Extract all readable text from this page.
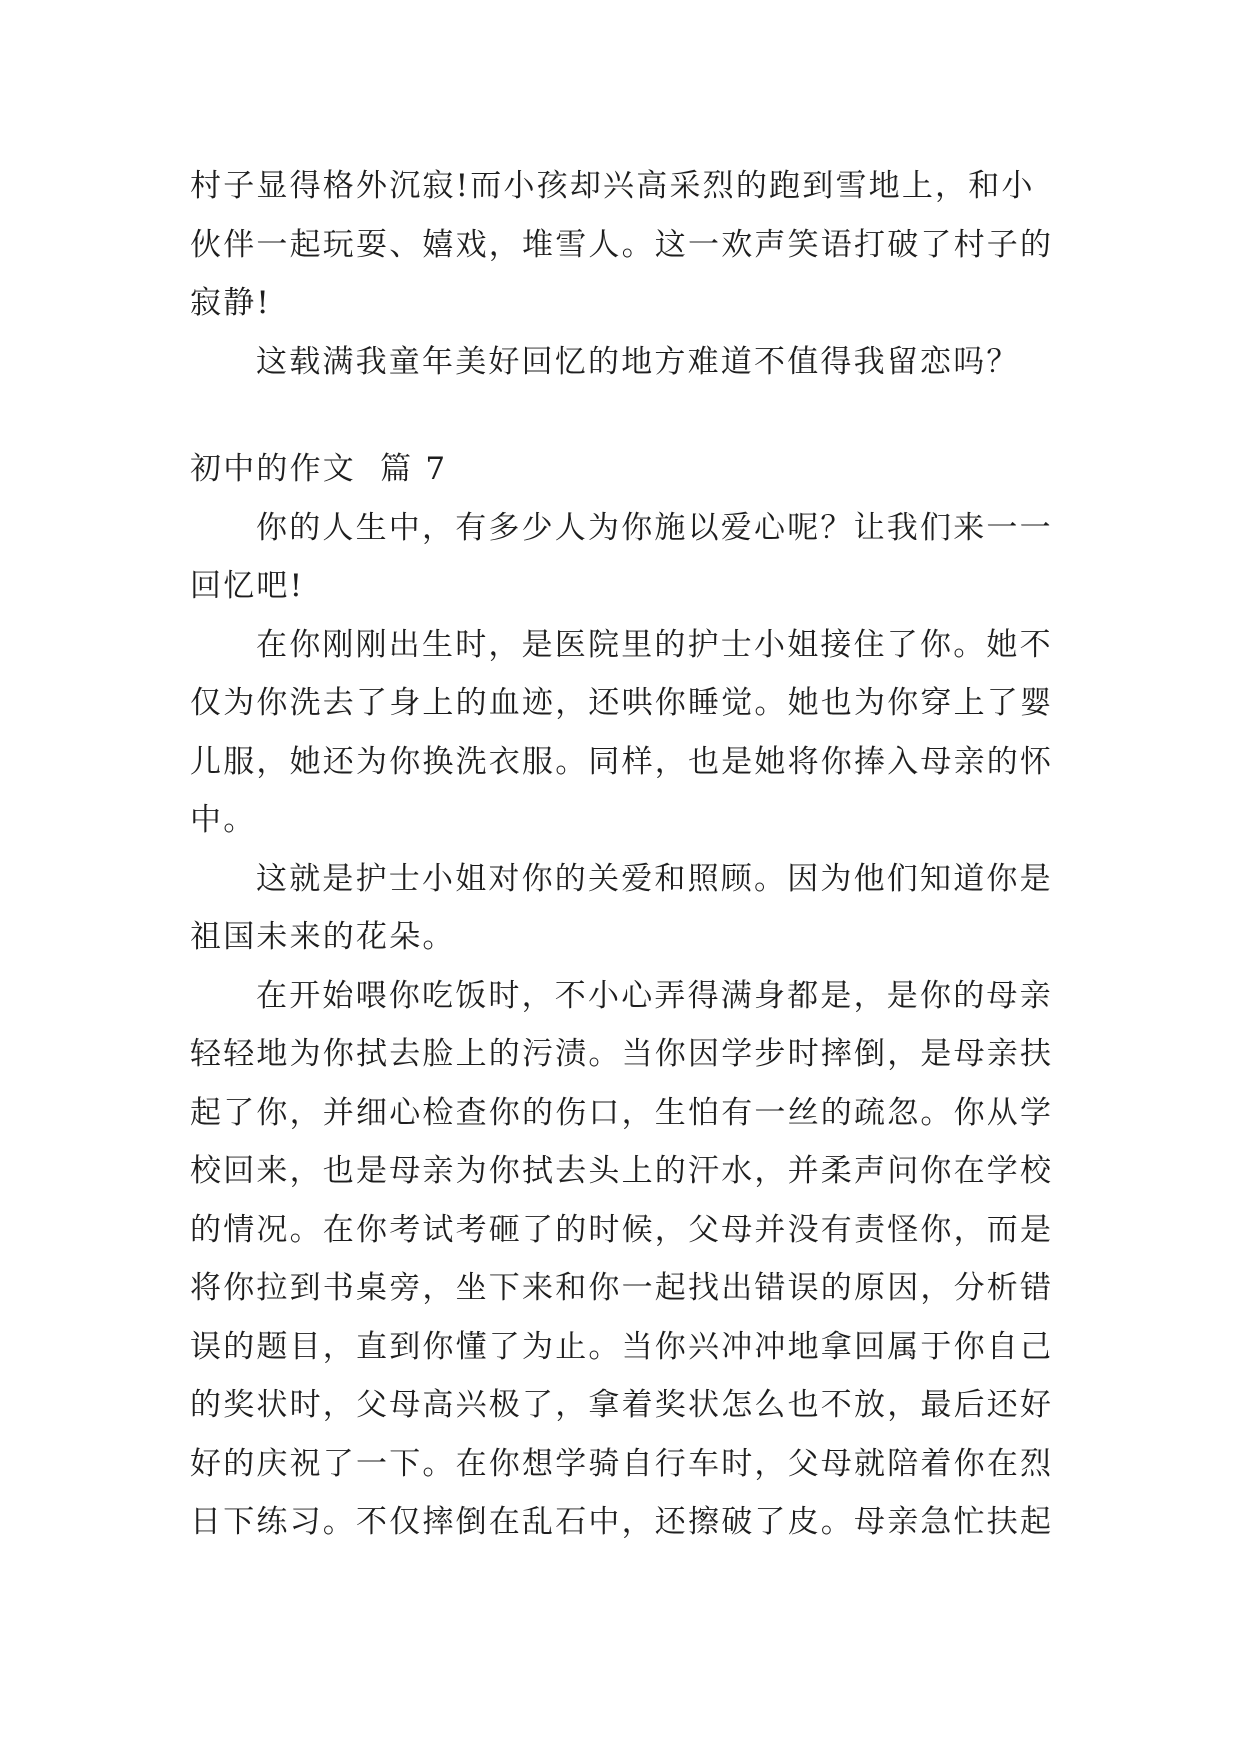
村子显得格外沉寂!而小孩却兴高采烈的跑到雪地上，和小
伙伴一起玩耍、嬉戏，堆雪人。这一欢声笑语打破了村子的
寂静!
这载满我童年美好回忆的地方难道不值得我留恋吗？
初中的作文  篇 7
你的人生中，有多少人为你施以爱心呢？让我们来一一
回忆吧!
在你刚刚出生时，是医院里的护士小姐接住了你。她不
仅为你洗去了身上的血迹，还哄你睡觉。她也为你穿上了婴
儿服，她还为你换洗衣服。同样，也是她将你捧入母亲的怀
中。
这就是护士小姐对你的关爱和照顾。因为他们知道你是
祖国未来的花朵。
在开始喂你吃饭时，不小心弄得满身都是，是你的母亲
轻轻地为你拭去脸上的污渍。当你因学步时摔倒，是母亲扶
起了你，并细心检查你的伤口，生怕有一丝的疏忽。你从学
校回来，也是母亲为你拭去头上的汗水，并柔声问你在学校
的情况。在你考试考砸了的时候，父母并没有责怪你，而是
将你拉到书桌旁，坐下来和你一起找出错误的原因，分析错
误的题目，直到你懂了为止。当你兴冲冲地拿回属于你自己
的奖状时，父母高兴极了，拿着奖状怎么也不放，最后还好
好的庆祝了一下。在你想学骑自行车时，父母就陪着你在烈
日下练习。不仅摔倒在乱石中，还擦破了皮。母亲急忙扶起
